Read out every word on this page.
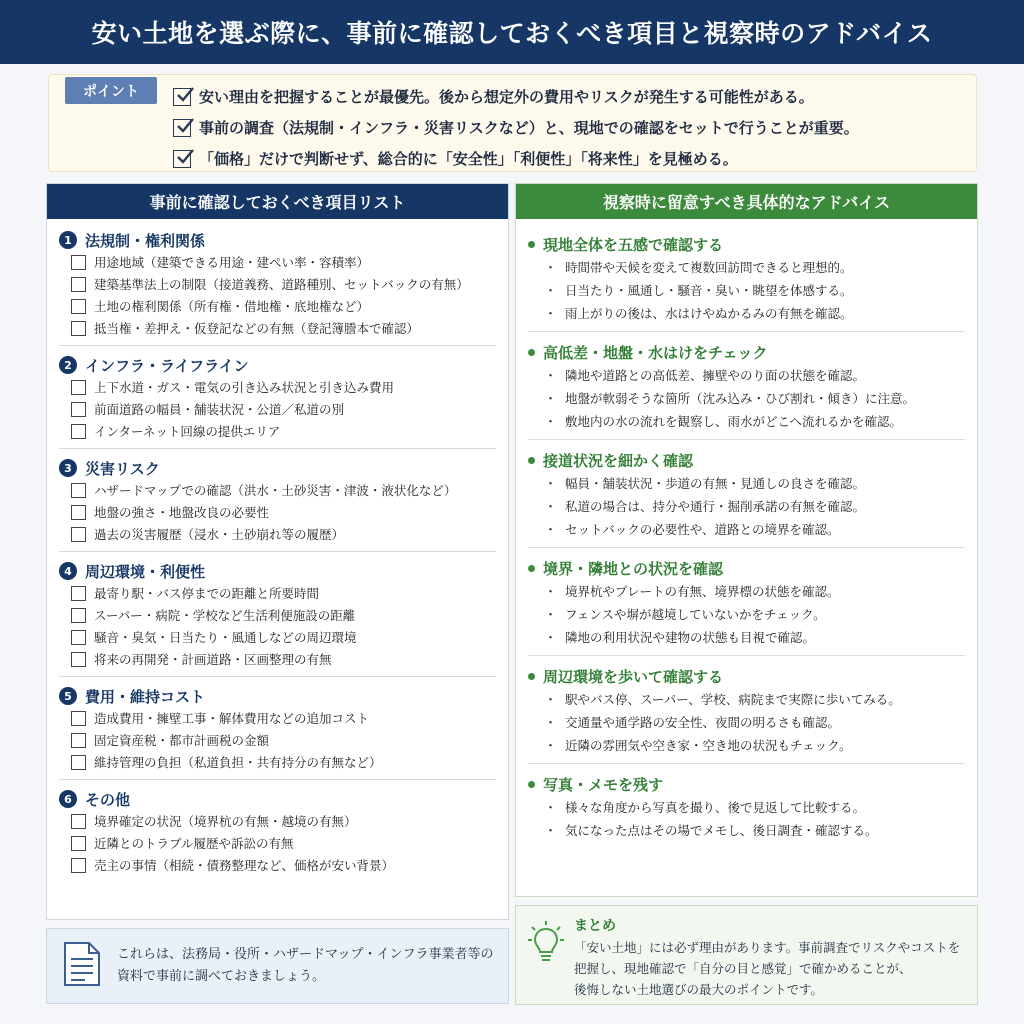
安い土地を選ぶ際に、事前に確認しておくべき項目と視察時のアドバイス
ポイント	安い理由を把握することが最優先。後から想定外の費用やリスクが発生する可能性がある。
事前の調査（法規制・インフラ・災害リスクなど）と、現地での確認をセットで行うことが重要。
「価格」だけで判断せず、総合的に「安全性」「利便性」「将来性」を見極める。
事前に確認しておくべき項目リスト
1 法規制・権利関係
用途地域（建築できる用途・建ぺい率・容積率）
建築基準法上の制限（接道義務、道路種別、セットバックの有無）
土地の権利関係（所有権・借地権・底地権など）
抵当権・差押え・仮登記などの有無（登記簿謄本で確認）
2 インフラ・ライフライン
上下水道・ガス・電気の引き込み状況と引き込み費用
前面道路の幅員・舗装状況・公道／私道の別
インターネット回線の提供エリア
3 災害リスク
ハザードマップでの確認（洪水・土砂災害・津波・液状化など）
地盤の強さ・地盤改良の必要性
過去の災害履歴（浸水・土砂崩れ等の履歴）
4 周辺環境・利便性
最寄り駅・バス停までの距離と所要時間
スーパー・病院・学校など生活利便施設の距離
騒音・臭気・日当たり・風通しなどの周辺環境
将来の再開発・計画道路・区画整理の有無
5 費用・維持コスト
造成費用・擁壁工事・解体費用などの追加コスト
固定資産税・都市計画税の金額
維持管理の負担（私道負担・共有持分の有無など）
6 その他
境界確定の状況（境界杭の有無・越境の有無）
近隣とのトラブル履歴や訴訟の有無
売主の事情（相続・債務整理など、価格が安い背景）
視察時に留意すべき具体的なアドバイス
現地全体を五感で確認する
・ 時間帯や天候を変えて複数回訪問できると理想的。
・ 日当たり・風通し・騒音・臭い・眺望を体感する。
・ 雨上がりの後は、水はけやぬかるみの有無を確認。
高低差・地盤・水はけをチェック
・ 隣地や道路との高低差、擁壁やのり面の状態を確認。
・ 地盤が軟弱そうな箇所（沈み込み・ひび割れ・傾き）に注意。
・ 敷地内の水の流れを観察し、雨水がどこへ流れるかを確認。
接道状況を細かく確認
・ 幅員・舗装状況・歩道の有無・見通しの良さを確認。
・ 私道の場合は、持分や通行・掘削承諾の有無を確認。
・ セットバックの必要性や、道路との境界を確認。
境界・隣地との状況を確認
・ 境界杭やプレートの有無、境界標の状態を確認。
・ フェンスや塀が越境していないかをチェック。
・ 隣地の利用状況や建物の状態も目視で確認。
周辺環境を歩いて確認する
・ 駅やバス停、スーパー、学校、病院まで実際に歩いてみる。
・ 交通量や通学路の安全性、夜間の明るさも確認。
・ 近隣の雰囲気や空き家・空き地の状況もチェック。
写真・メモを残す
・ 様々な角度から写真を撮り、後で見返して比較する。
・ 気になった点はその場でメモし、後日調査・確認する。
これらは、法務局・役所・ハザードマップ・インフラ事業者等の
資料で事前に調べておきましょう。
まとめ
「安い土地」には必ず理由があります。事前調査でリスクやコストを
把握し、現地確認で「自分の目と感覚」で確かめることが、
後悔しない土地選びの最大のポイントです。
